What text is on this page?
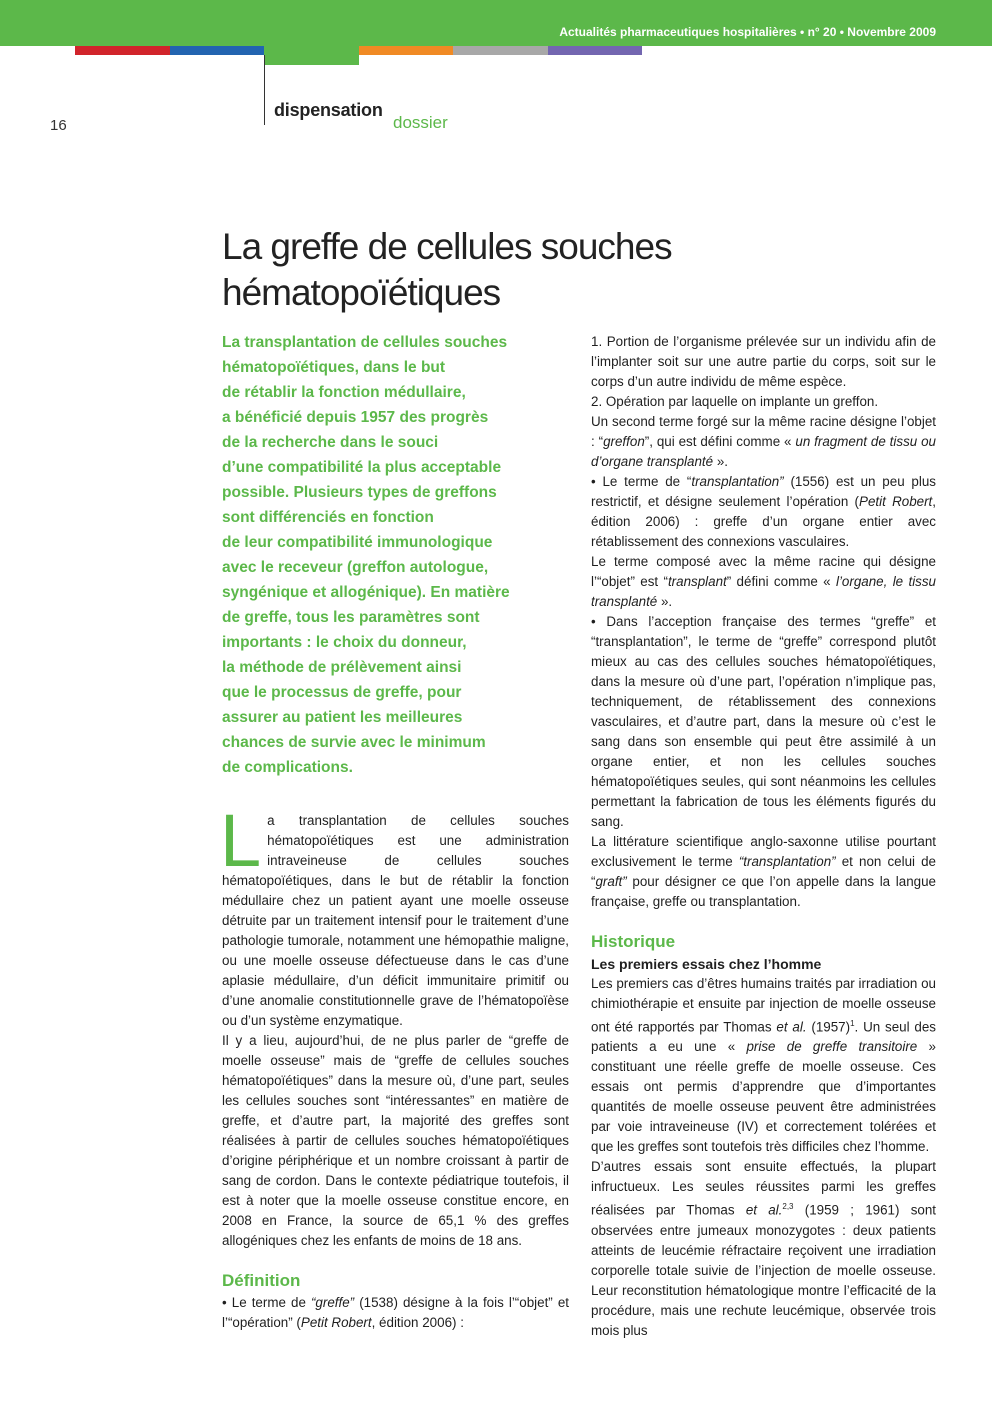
Actualités pharmaceutiques hospitalières • n° 20 • Novembre 2009
16
dispensation
dossier
La greffe de cellules souches
hématopoïétiques
La transplantation de cellules souches
hématopoïétiques, dans le but
de rétablir la fonction médullaire,
a bénéficié depuis 1957 des progrès
de la recherche dans le souci
d’une compatibilité la plus acceptable
possible. Plusieurs types de greffons
sont différenciés en fonction
de leur compatibilité immunologique
avec le receveur (greffon autologue,
syngénique et allogénique). En matière
de greffe, tous les paramètres sont
importants : le choix du donneur,
la méthode de prélèvement ainsi
que le processus de greffe, pour
assurer au patient les meilleures
chances de survie avec le minimum
de complications.

La transplantation de cellules souches hématopoïétiques est une administration intraveineuse de cellules souches hématopoïétiques, dans le but de rétablir la fonction médullaire chez un patient ayant une moelle osseuse détruite par un traitement intensif pour le traitement d’une pathologie tumorale, notamment une hémopathie maligne, ou une moelle osseuse défectueuse dans le cas d’une aplasie médullaire, d’un déficit immunitaire primitif ou d’une anomalie constitutionnelle grave de l’hématopoïèse ou d’un système enzymatique.

Il y a lieu, aujourd’hui, de ne plus parler de “greffe de moelle osseuse” mais de “greffe de cellules souches hématopoïétiques” dans la mesure où, d’une part, seules les cellules souches sont “intéressantes” en matière de greffe, et d’autre part, la majorité des greffes sont réalisées à partir de cellules souches hématopoïétiques d’origine périphérique et un nombre croissant à partir de sang de cordon. Dans le contexte pédiatrique toutefois, il est à noter que la moelle osseuse constitue encore, en 2008 en France, la source de 65,1 % des greffes allogéniques chez les enfants de moins de 18 ans.

Définition

• Le terme de “greffe” (1538) désigne à la fois l’“objet” et l’“opération” (Petit Robert, édition 2006) :

1. Portion de l’organisme prélevée sur un individu afin de l’implanter soit sur une autre partie du corps, soit sur le corps d’un autre individu de même espèce.

2. Opération par laquelle on implante un greffon.

Un second terme forgé sur la même racine désigne l’objet : “greffon”, qui est défini comme « un fragment de tissu ou d’organe transplanté ».

• Le terme de “transplantation” (1556) est un peu plus restrictif, et désigne seulement l’opération (Petit Robert, édition 2006) : greffe d’un organe entier avec rétablissement des connexions vasculaires.

Le terme composé avec la même racine qui désigne l’“objet” est “transplant” défini comme « l’organe, le tissu transplanté ».

• Dans l’acception française des termes “greffe” et “transplantation”, le terme de “greffe” correspond plutôt mieux au cas des cellules souches hématopoïétiques, dans la mesure où d’une part, l’opération n’implique pas, techniquement, de rétablissement des connexions vasculaires, et d’autre part, dans la mesure où c’est le sang dans son ensemble qui peut être assimilé à un organe entier, et non les cellules souches hématopoïétiques seules, qui sont néanmoins les cellules permettant la fabrication de tous les éléments figurés du sang.

La littérature scientifique anglo-saxonne utilise pourtant exclusivement le terme “transplantation” et non celui de “graft” pour désigner ce que l’on appelle dans la langue française, greffe ou transplantation.

Historique
Les premiers essais chez l’homme

Les premiers cas d’êtres humains traités par irradiation ou chimiothérapie et ensuite par injection de moelle osseuse ont été rapportés par Thomas et al. $(1957)^1$. Un seul des patients a eu une « prise de greffe transitoire » constituant une réelle greffe de moelle osseuse. Ces essais ont permis d’apprendre que d’importantes quantités de moelle osseuse peuvent être administrées par voie intraveineuse (IV) et correctement tolérées et que les greffes sont toutefois très difficiles chez l’homme.

D’autres essais sont ensuite effectués, la plupart infructueux. Les seules réussites parmi les greffes réalisées par Thomas et al.$^{2,3}$ (1959 ; 1961) sont observées entre jumeaux monozygotes : deux patients atteints de leucémie réfractaire reçoivent une irradiation corporelle totale suivie de l’injection de moelle osseuse. Leur reconstitution hématologique montre l’efficacité de la procédure, mais une rechute leucémique, observée trois mois plus
